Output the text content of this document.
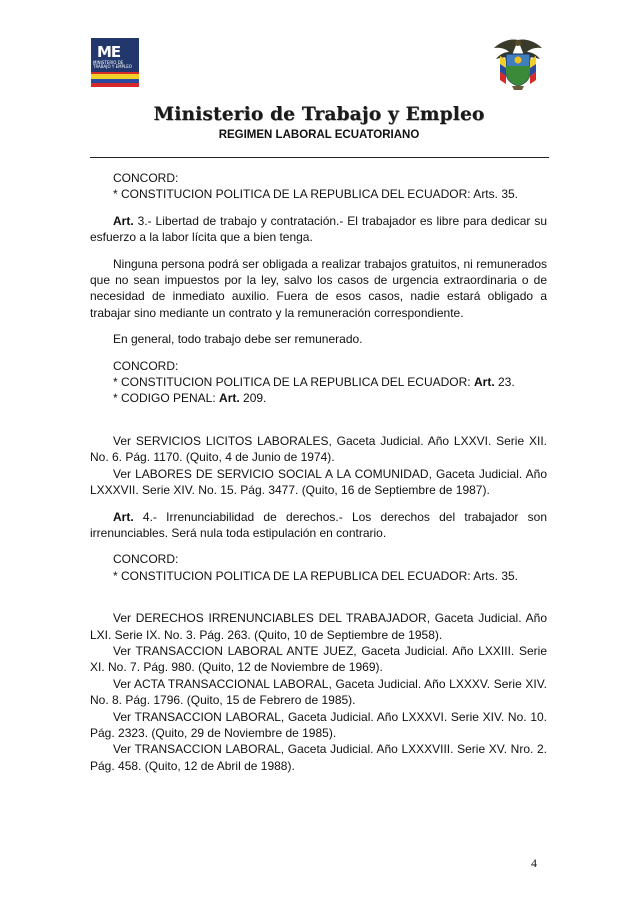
ME
MINISTERIO DE TRABAJO Y EMPLEO
Ministerio de Trabajo y Empleo
REGIMEN LABORAL ECUATORIANO

CONCORD:

* CONSTITUCION POLITICA DE LA REPUBLICA DEL ECUADOR: Arts. 35.

Art. 3.- Libertad de trabajo y contratación.- El trabajador es libre para dedicar su esfuerzo a la labor lícita que a bien tenga.

Ninguna persona podrá ser obligada a realizar trabajos gratuitos, ni remunerados que no sean impuestos por la ley, salvo los casos de urgencia extraordinaria o de necesidad de inmediato auxilio. Fuera de esos casos, nadie estará obligado a trabajar sino mediante un contrato y la remuneración correspondiente.

En general, todo trabajo debe ser remunerado.

CONCORD:

* CONSTITUCION POLITICA DE LA REPUBLICA DEL ECUADOR: Art. 23.

* CODIGO PENAL: Art. 209.

Ver SERVICIOS LICITOS LABORALES, Gaceta Judicial. Año LXXVI. Serie XII. No. 6. Pág. 1170. (Quito, 4 de Junio de 1974).

Ver LABORES DE SERVICIO SOCIAL A LA COMUNIDAD, Gaceta Judicial. Año LXXXVII. Serie XIV. No. 15. Pág. 3477. (Quito, 16 de Septiembre de 1987).

Art. 4.- Irrenunciabilidad de derechos.- Los derechos del trabajador son irrenunciables. Será nula toda estipulación en contrario.

CONCORD:

* CONSTITUCION POLITICA DE LA REPUBLICA DEL ECUADOR: Arts. 35.

Ver DERECHOS IRRENUNCIABLES DEL TRABAJADOR, Gaceta Judicial. Año LXI. Serie IX. No. 3. Pág. 263. (Quito, 10 de Septiembre de 1958).

Ver TRANSACCION LABORAL ANTE JUEZ, Gaceta Judicial. Año LXXIII. Serie XI. No. 7. Pág. 980. (Quito, 12 de Noviembre de 1969).

Ver ACTA TRANSACCIONAL LABORAL, Gaceta Judicial. Año LXXXV. Serie XIV. No. 8. Pág. 1796. (Quito, 15 de Febrero de 1985).

Ver TRANSACCION LABORAL, Gaceta Judicial. Año LXXXVI. Serie XIV. No. 10. Pág. 2323. (Quito, 29 de Noviembre de 1985).

Ver TRANSACCION LABORAL, Gaceta Judicial. Año LXXXVIII. Serie XV. Nro. 2. Pág. 458. (Quito, 12 de Abril de 1988).

4
